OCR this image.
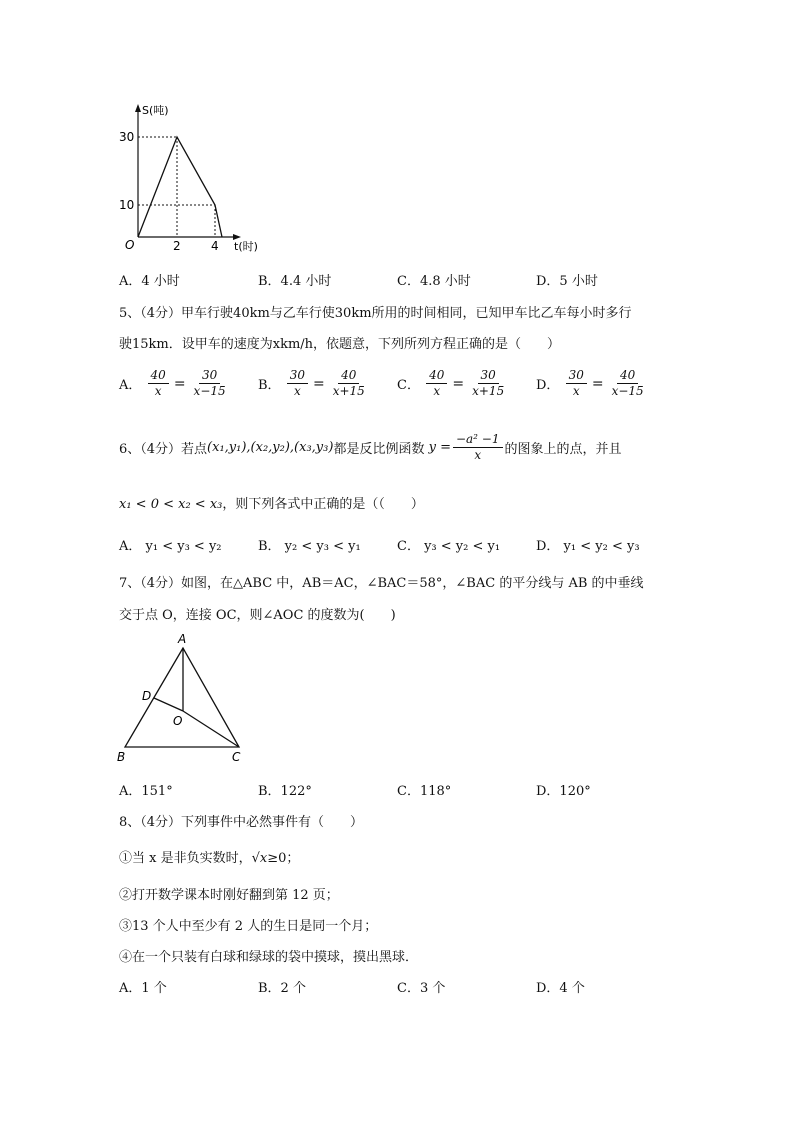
S(吨)
30
10
O	2	4 t(时)
A．4 小时	B．4.4 小时	C．4.8 小时	D．5 小时
5、（4分）甲车行驶40km与乙车行使30km所用的时间相同，已知甲车比乙车每小时多行
驶15km．设甲车的速度为xkm/h，依题意，下列所列方程正确的是（　　）
A． $\frac{40}{x} = \frac{30}{x-15}$ B． $\frac{30}{x} = \frac{40}{x+15}$ C． $\frac{40}{x} = \frac{30}{x+15}$ D． $\frac{30}{x} = \frac{40}{x-15}$
6、（4分）若点(x₁,y₁),(x₂,y₂),(x₃,y₃)都是反比例函数 $y = \frac{\text{−a² −1}}{x}$ 的图象上的点，并且
x₁ < 0 < x₂ < x₃，则下列各式中正确的是（（　　）
A． y₁ < y₃ < y₂	B． y₂ < y₃ < y₁	C． y₃ < y₂ < y₁	D． y₁ < y₂ < y₃
7、（4分）如图，在△ABC 中，AB＝AC，∠BAC＝58°，∠BAC 的平分线与 AB 的中垂线
交于点 O，连接 OC，则∠AOC 的度数为(　　)
A
D
O
B	C
A．151°	B．122°	C．118°	D．120°
8、（4分）下列事件中必然事件有（　　）
①当 x 是非负实数时，√x≥0；
②打开数学课本时刚好翻到第 12 页；
③13 个人中至少有 2 人的生日是同一个月；
④在一个只装有白球和绿球的袋中摸球，摸出黑球．
A．1 个	B．2 个	C．3 个	D．4 个
